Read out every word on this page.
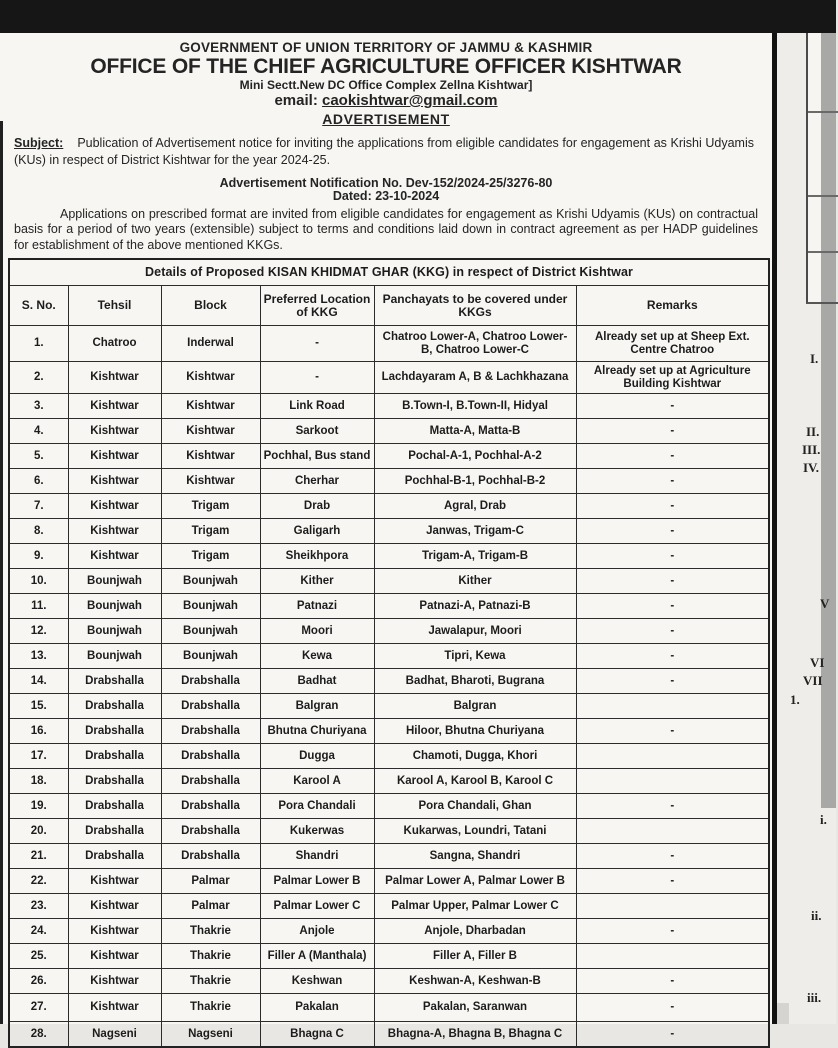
GOVERNMENT OF UNION TERRITORY OF JAMMU & KASHMIR
OFFICE OF THE CHIEF AGRICULTURE OFFICER KISHTWAR
Mini Sectt.New DC Office Complex Zellna Kishtwar]
email: caokishtwar@gmail.com
ADVERTISEMENT

Subject: Publication of Advertisement notice for inviting the applications from eligible candidates for engagement as Krishi Udyamis (KUs) in respect of District Kishtwar for the year 2024-25.

Advertisement Notification No. Dev-152/2024-25/3276-80
Dated: 23-10-2024

Applications on prescribed format are invited from eligible candidates for engagement as Krishi Udyamis (KUs) on contractual basis for a period of two years (extensible) subject to terms and conditions laid down in contract agreement as per HADP guidelines for establishment of the above mentioned KKGs.

Details of Proposed KISAN KHIDMAT GHAR (KKG) in respect of District Kishtwar					
S. No.	Tehsil	Block	Preferred Location of KKG	Panchayats to be covered under KKGs	Remarks
1.	Chatroo	Inderwal	-	Chatroo Lower-A, Chatroo Lower-B, Chatroo Lower-C	Already set up at Sheep Ext. Centre Chatroo
2.	Kishtwar	Kishtwar	-	Lachdayaram A, B & Lachkhazana	Already set up at Agriculture Building Kishtwar
3.	Kishtwar	Kishtwar	Link Road	B.Town-I, B.Town-II, Hidyal	-
4.	Kishtwar	Kishtwar	Sarkoot	Matta-A, Matta-B	-
5.	Kishtwar	Kishtwar	Pochhal, Bus stand	Pochal-A-1, Pochhal-A-2	-
6.	Kishtwar	Kishtwar	Cherhar	Pochhal-B-1, Pochhal-B-2	-
7.	Kishtwar	Trigam	Drab	Agral, Drab	-
8.	Kishtwar	Trigam	Galigarh	Janwas, Trigam-C	-
9.	Kishtwar	Trigam	Sheikhpora	Trigam-A, Trigam-B	-
10.	Bounjwah	Bounjwah	Kither	Kither	-
11.	Bounjwah	Bounjwah	Patnazi	Patnazi-A, Patnazi-B	-
12.	Bounjwah	Bounjwah	Moori	Jawalapur, Moori	-
13.	Bounjwah	Bounjwah	Kewa	Tipri, Kewa	-
14.	Drabshalla	Drabshalla	Badhat	Badhat, Bharoti, Bugrana	-
15.	Drabshalla	Drabshalla	Balgran	Balgran	
16.	Drabshalla	Drabshalla	Bhutna Churiyana	Hiloor, Bhutna Churiyana	-
17.	Drabshalla	Drabshalla	Dugga	Chamoti, Dugga, Khori	
18.	Drabshalla	Drabshalla	Karool A	Karool A, Karool B, Karool C	
19.	Drabshalla	Drabshalla	Pora Chandali	Pora Chandali, Ghan	-
20.	Drabshalla	Drabshalla	Kukerwas	Kukarwas, Loundri, Tatani	
21.	Drabshalla	Drabshalla	Shandri	Sangna, Shandri	-
22.	Kishtwar	Palmar	Palmar Lower B	Palmar Lower A, Palmar Lower B	-
23.	Kishtwar	Palmar	Palmar Lower C	Palmar Upper, Palmar Lower C	
24.	Kishtwar	Thakrie	Anjole	Anjole, Dharbadan	-
25.	Kishtwar	Thakrie	Filler A (Manthala)	Filler A, Filler B	
26.	Kishtwar	Thakrie	Keshwan	Keshwan-A, Keshwan-B	-
27.	Kishtwar	Thakrie	Pakalan	Pakalan, Saranwan	-
28.	Nagseni	Nagseni	Bhagna C	Bhagna-A, Bhagna B, Bhagna C	-
I.
II.
III.
IV.
V
VI
VII
1.
i.
ii.
iii.
